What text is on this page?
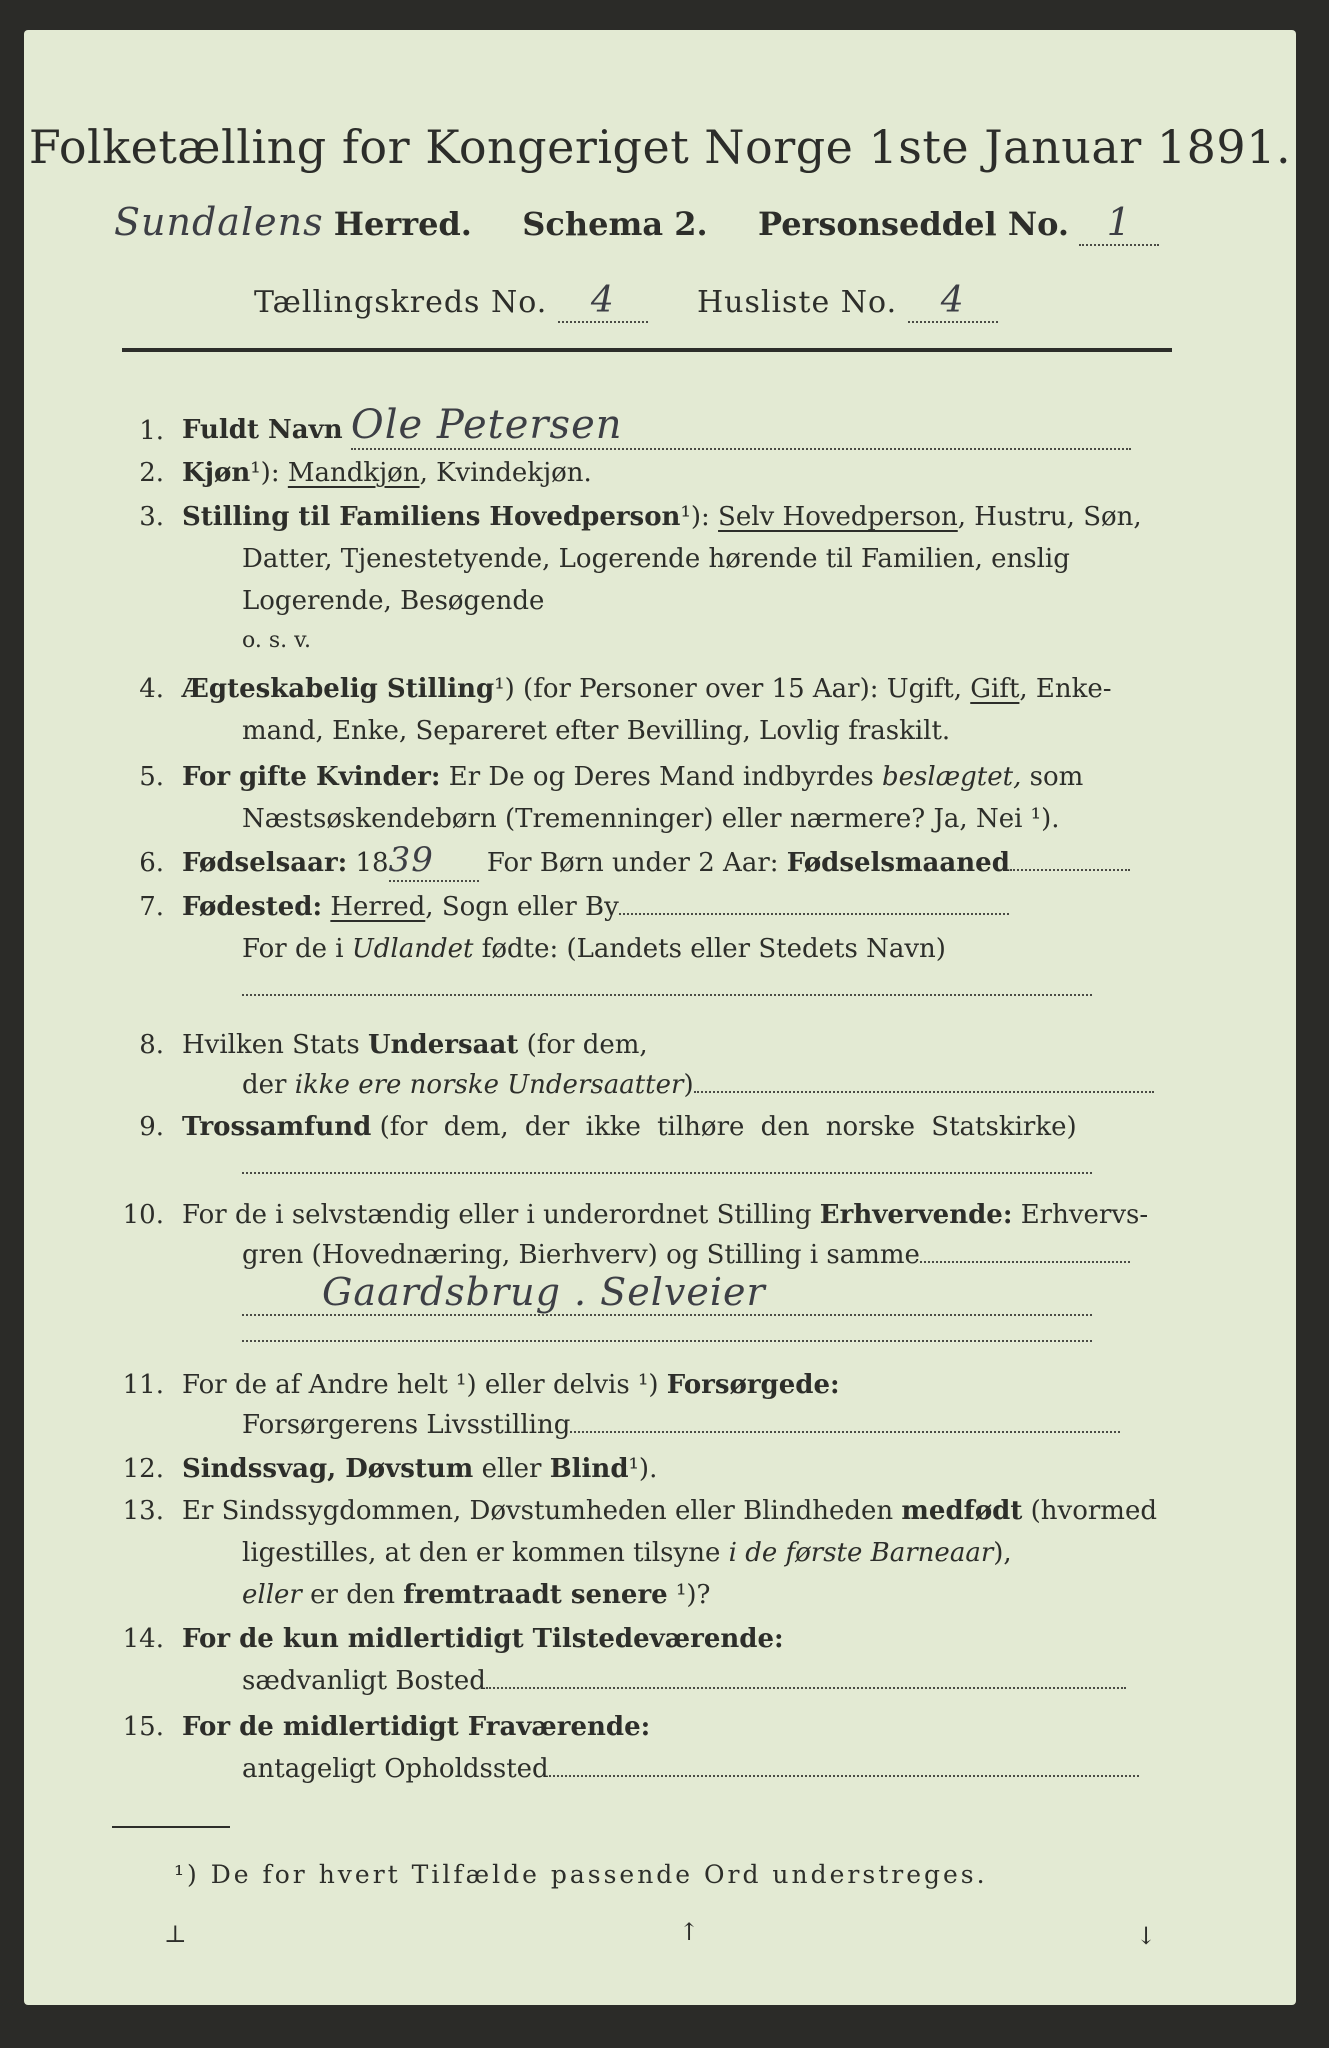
Folketælling for Kongeriget Norge 1ste Januar 1891.
Sundalens Herred. Schema 2. Personseddel No. 1
Tællingskreds No. 4	Husliste No. 4
1. Fuldt Navn Ole Petersen
2. Kjøn¹): Mandkjøn, Kvindekjøn.
3. Stilling til Familiens Hovedperson¹): Selv Hovedperson, Hustru, Søn,
Datter, Tjenestetyende, Logerende hørende til Familien, enslig
Logerende, Besøgende
o. s. v.
4. Ægteskabelig Stilling¹) (for Personer over 15 Aar): Ugift, Gift, Enke-
mand, Enke, Separeret efter Bevilling, Lovlig fraskilt.
5. For gifte Kvinder: Er De og Deres Mand indbyrdes beslægtet, som
Næstsøskendebørn (Tremenninger) eller nærmere? Ja, Nei ¹).
6. Fødselsaar: 1839 For Børn under 2 Aar: Fødselsmaaned
7. Fødested: Herred, Sogn eller By
For de i Udlandet fødte: (Landets eller Stedets Navn)
8. Hvilken Stats Undersaat (for dem,
der ikke ere norske Undersaatter)
9. Trossamfund (for dem, der ikke tilhøre den norske Statskirke)
10. For de i selvstændig eller i underordnet Stilling Erhvervende: Erhvervs-
gren (Hovednæring, Bierhverv) og Stilling i samme
Gaardsbrug . Selveier
11. For de af Andre helt ¹) eller delvis ¹) Forsørgede:
Forsørgerens Livsstilling
12. Sindssvag, Døvstum eller Blind¹).
13. Er Sindssygdommen, Døvstumheden eller Blindheden medfødt (hvormed
ligestilles, at den er kommen tilsyne i de første Barneaar),
eller er den fremtraadt senere ¹)?
14. For de kun midlertidigt Tilstedeværende:
sædvanligt Bosted
15. For de midlertidigt Fraværende:
antageligt Opholdssted
¹) De for hvert Tilfælde passende Ord understreges.
⊥	↑	↓
